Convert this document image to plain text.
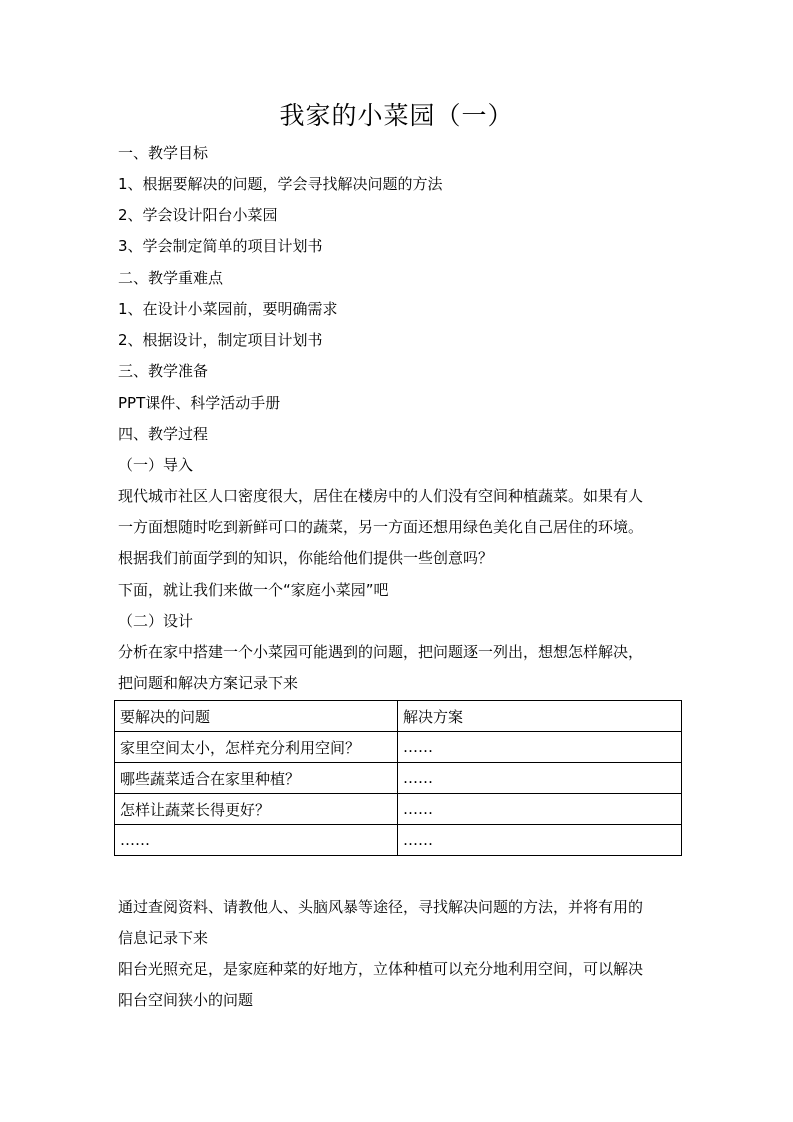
我家的小菜园（一）
一、教学目标
1、根据要解决的问题，学会寻找解决问题的方法
2、学会设计阳台小菜园
3、学会制定简单的项目计划书
二、教学重难点
1、在设计小菜园前，要明确需求
2、根据设计，制定项目计划书
三、教学准备
PPT课件、科学活动手册
四、教学过程
（一）导入
现代城市社区人口密度很大，居住在楼房中的人们没有空间种植蔬菜。如果有人
一方面想随时吃到新鲜可口的蔬菜，另一方面还想用绿色美化自己居住的环境。
根据我们前面学到的知识，你能给他们提供一些创意吗？
下面，就让我们来做一个“家庭小菜园”吧
（二）设计
分析在家中搭建一个小菜园可能遇到的问题，把问题逐一列出，想想怎样解决，
把问题和解决方案记录下来
要解决的问题	解决方案
家里空间太小，怎样充分利用空间？	……
哪些蔬菜适合在家里种植？	……
怎样让蔬菜长得更好？	……
……	……
通过查阅资料、请教他人、头脑风暴等途径，寻找解决问题的方法，并将有用的
信息记录下来
阳台光照充足，是家庭种菜的好地方，立体种植可以充分地利用空间，可以解决
阳台空间狭小的问题
